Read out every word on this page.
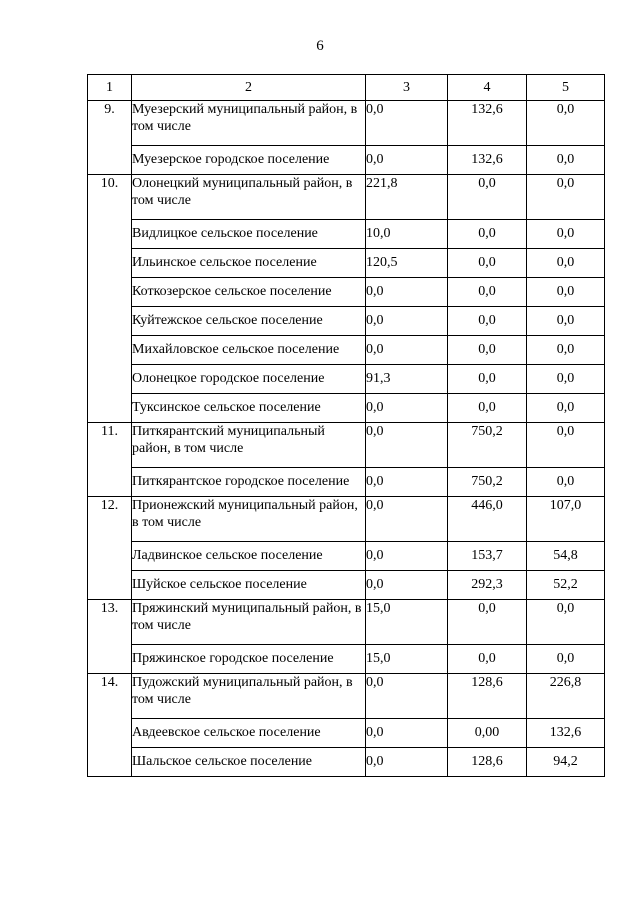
6
1	2	3	4	5
9.	Муезерский муниципальный район, в том числе	0,0	132,6	0,0
	Муезерское городское поселение	0,0	132,6	0,0
10.	Олонецкий муниципальный район, в том числе	221,8	0,0	0,0
	Видлицкое сельское поселение	10,0	0,0	0,0
	Ильинское сельское поселение	120,5	0,0	0,0
	Коткозерское сельское поселение	0,0	0,0	0,0
	Куйтежское сельское поселение	0,0	0,0	0,0
	Михайловское сельское поселение	0,0	0,0	0,0
	Олонецкое городское поселение	91,3	0,0	0,0
	Туксинское сельское поселение	0,0	0,0	0,0
11.	Питкярантский муниципальный район, в том числе	0,0	750,2	0,0
	Питкярантское городское поселение	0,0	750,2	0,0
12.	Прионежский муниципальный район, в том числе	0,0	446,0	107,0
	Ладвинское сельское поселение	0,0	153,7	54,8
	Шуйское сельское поселение	0,0	292,3	52,2
13.	Пряжинский муниципальный район, в том числе	15,0	0,0	0,0
	Пряжинское городское поселение	15,0	0,0	0,0
14.	Пудожский муниципальный район, в том числе	0,0	128,6	226,8
	Авдеевское сельское поселение	0,0	0,00	132,6
	Шальское сельское поселение	0,0	128,6	94,2
